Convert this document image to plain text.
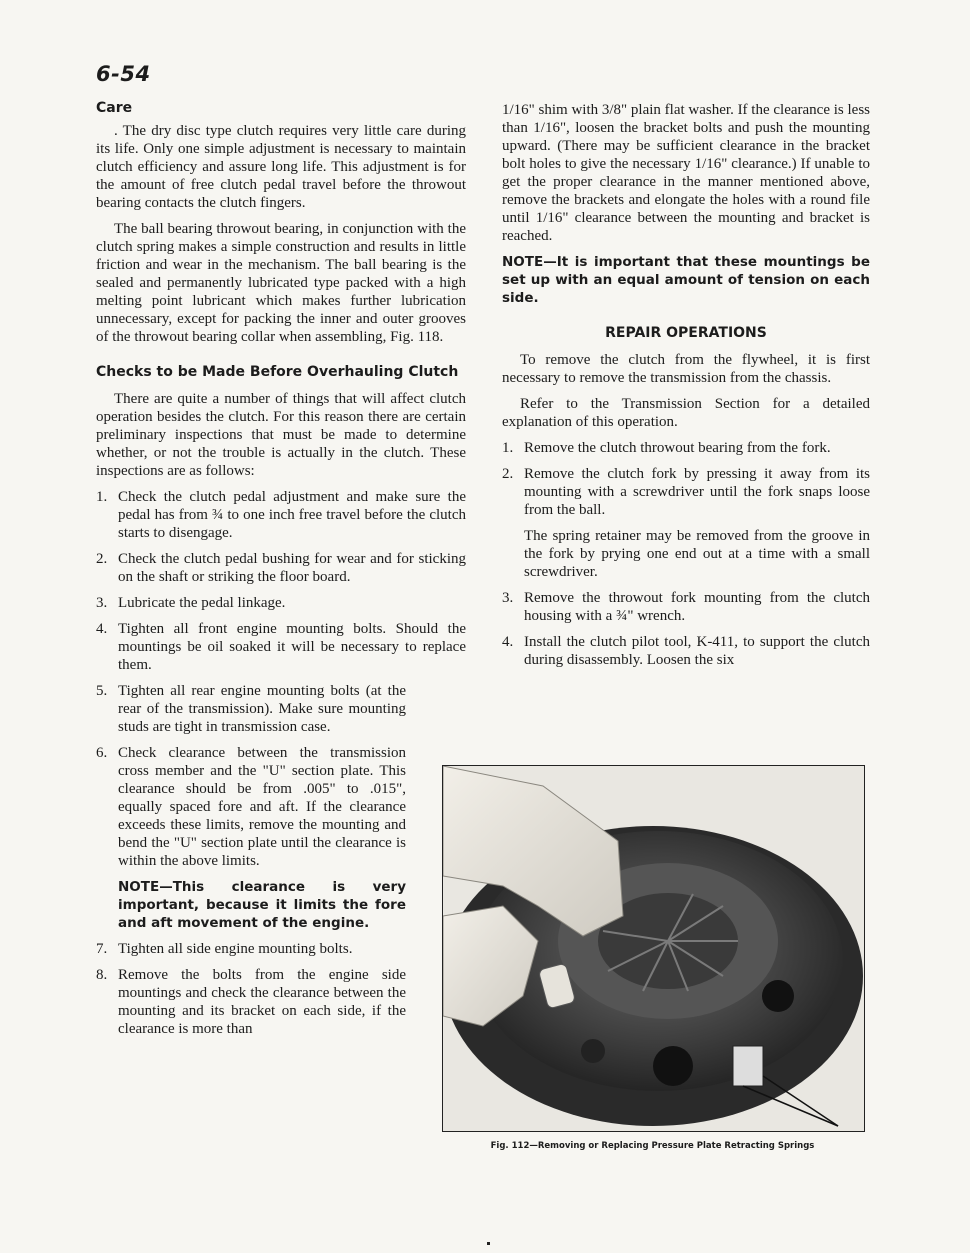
6-54
Care

. The dry disc type clutch requires very little care during its life. Only one simple adjustment is necessary to maintain clutch efficiency and assure long life. This adjustment is for the amount of free clutch pedal travel before the throwout bearing contacts the clutch fingers.

The ball bearing throwout bearing, in conjunction with the clutch spring makes a simple construction and results in little friction and wear in the mechanism. The ball bearing is the sealed and permanently lubricated type packed with a high melting point lubricant which makes further lubrication unnecessary, except for packing the inner and outer grooves of the throwout bearing collar when assembling, Fig. 118.

Checks to be Made Before Overhauling Clutch

There are quite a number of things that will affect clutch operation besides the clutch. For this reason there are certain preliminary inspections that must be made to determine whether, or not the trouble is actually in the clutch. These inspections are as follows:

1. Check the clutch pedal adjustment and make sure the pedal has from ¾ to one inch free travel before the clutch starts to disengage.
2. Check the clutch pedal bushing for wear and for sticking on the shaft or striking the floor board.
3. Lubricate the pedal linkage.
4. Tighten all front engine mounting bolts. Should the mountings be oil soaked it will be necessary to replace them.
5. Tighten all rear engine mounting bolts (at the rear of the transmission). Make sure mounting studs are tight in transmission case.
6. Check clearance between the transmission cross member and the "U" section plate. This clearance should be from .005" to .015", equally spaced fore and aft. If the clearance exceeds these limits, remove the mounting and bend the "U" section plate until the clearance is within the above limits.
NOTE—This clearance is very important, because it limits the fore and aft movement of the engine.
7. Tighten all side engine mounting bolts.
8. Remove the bolts from the engine side mountings and check the clearance between the mounting and its bracket on each side, if the clearance is more than

1/16" shim with 3/8" plain flat washer. If the clearance is less than 1/16", loosen the bracket bolts and push the mounting upward. (There may be sufficient clearance in the bracket bolt holes to give the necessary 1/16" clearance.) If unable to get the proper clearance in the manner mentioned above, remove the brackets and elongate the holes with a round file until 1/16" clearance between the mounting and bracket is reached.

NOTE—It is important that these mountings be set up with an equal amount of tension on each side.
REPAIR OPERATIONS

To remove the clutch from the flywheel, it is first necessary to remove the transmission from the chassis.

Refer to the Transmission Section for a detailed explanation of this operation.

1. Remove the clutch throwout bearing from the fork.
2. Remove the clutch fork by pressing it away from its mounting with a screwdriver until the fork snaps loose from the ball.

The spring retainer may be removed from the groove in the fork by prying one end out at a time with a small screwdriver.

3. Remove the throwout fork mounting from the clutch housing with a ¾" wrench.
4. Install the clutch pilot tool, K-411, to support the clutch during disassembly. Loosen the six
Fig. 112—Removing or Replacing Pressure Plate Retracting Springs
